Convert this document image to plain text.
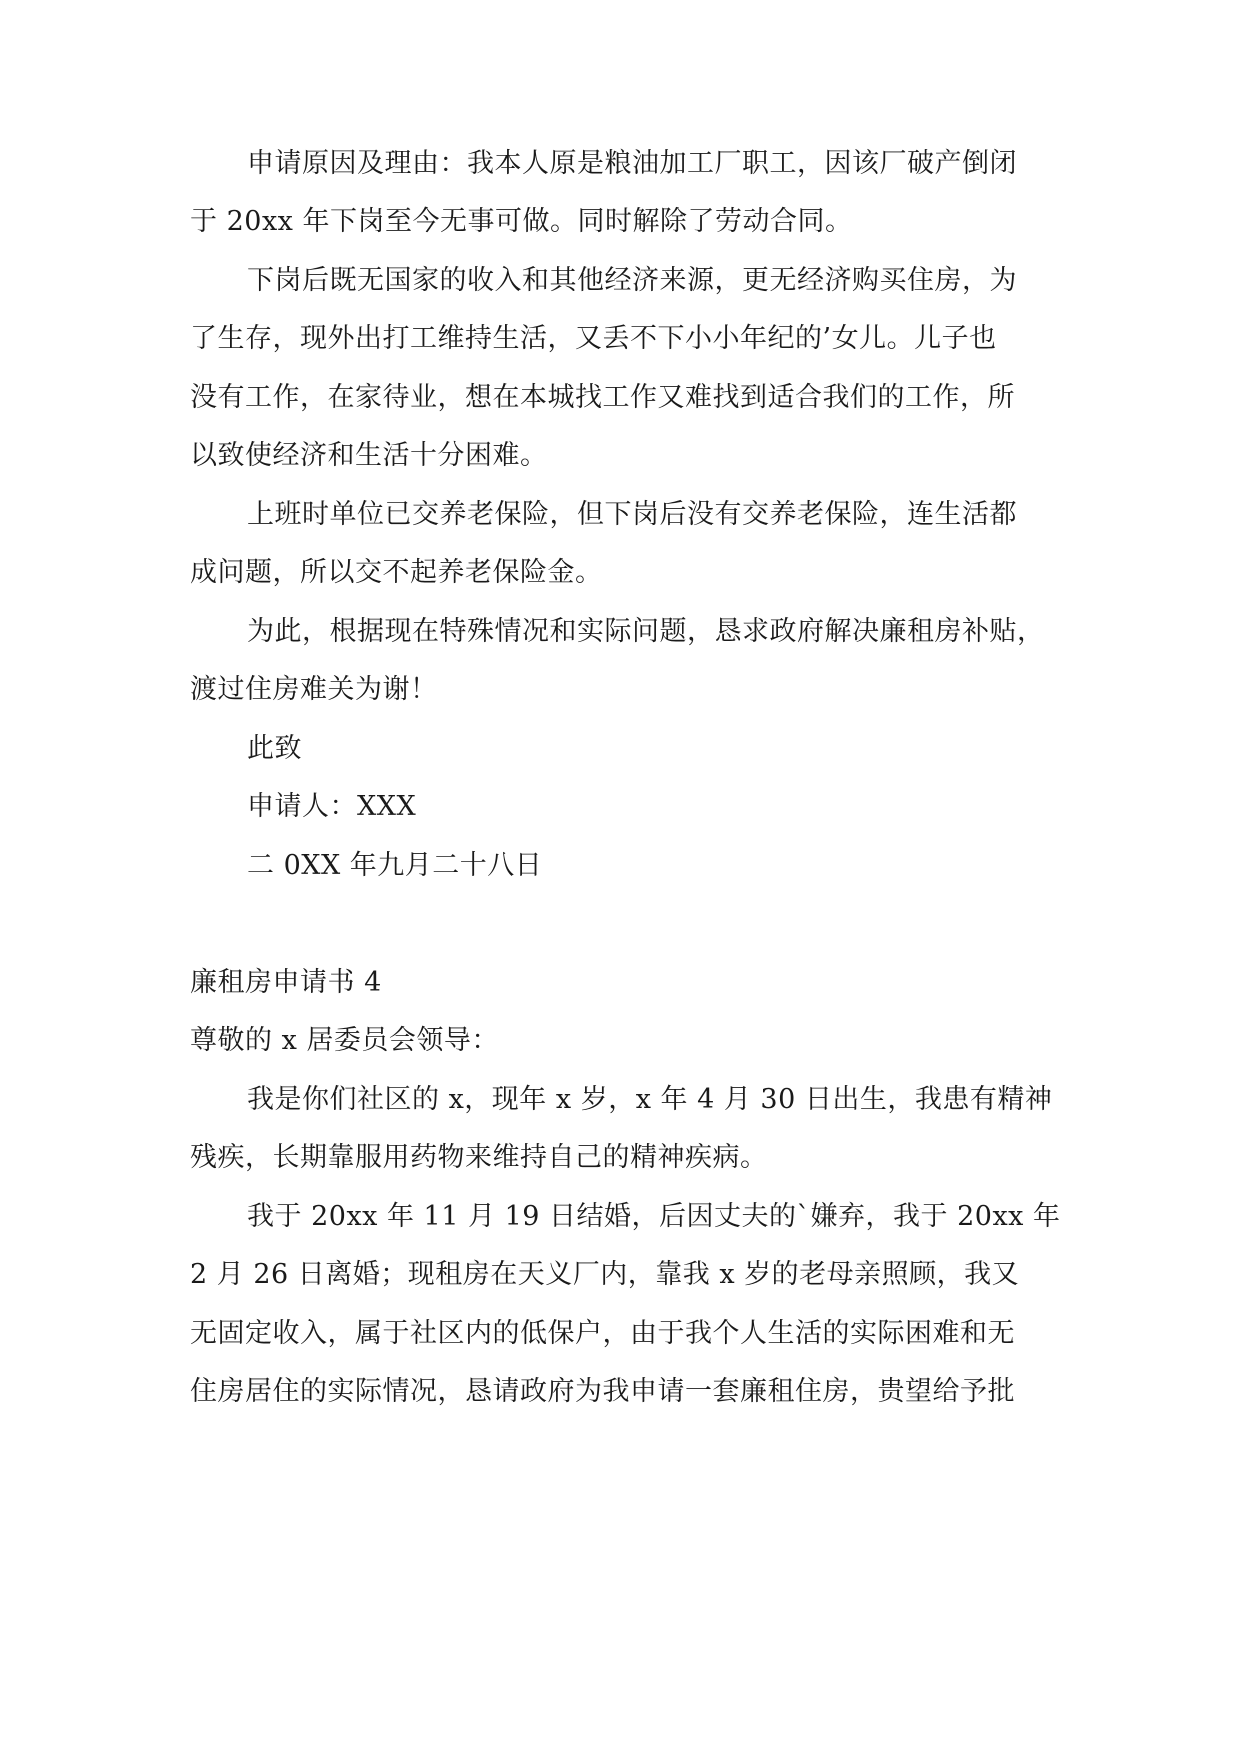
申请原因及理由：我本人原是粮油加工厂职工，因该厂破产倒闭
于 20xx 年下岗至今无事可做。同时解除了劳动合同。
下岗后既无国家的收入和其他经济来源，更无经济购买住房，为
了生存，现外出打工维持生活，又丢不下小小年纪的’女儿。儿子也
没有工作，在家待业，想在本城找工作又难找到适合我们的工作，所
以致使经济和生活十分困难。
上班时单位已交养老保险，但下岗后没有交养老保险，连生活都
成问题，所以交不起养老保险金。
为此，根据现在特殊情况和实际问题，恳求政府解决廉租房补贴，
渡过住房难关为谢！
此致
申请人：XXX
二 0XX 年九月二十八日
廉租房申请书 4
尊敬的 x 居委员会领导：
我是你们社区的 x，现年 x 岁，x 年 4 月 30 日出生，我患有精神
残疾，长期靠服用药物来维持自己的精神疾病。
我于 20xx 年 11 月 19 日结婚，后因丈夫的`嫌弃，我于 20xx 年
2 月 26 日离婚；现租房在天义厂内，靠我 x 岁的老母亲照顾，我又
无固定收入，属于社区内的低保户，由于我个人生活的实际困难和无
住房居住的实际情况，恳请政府为我申请一套廉租住房，贵望给予批
